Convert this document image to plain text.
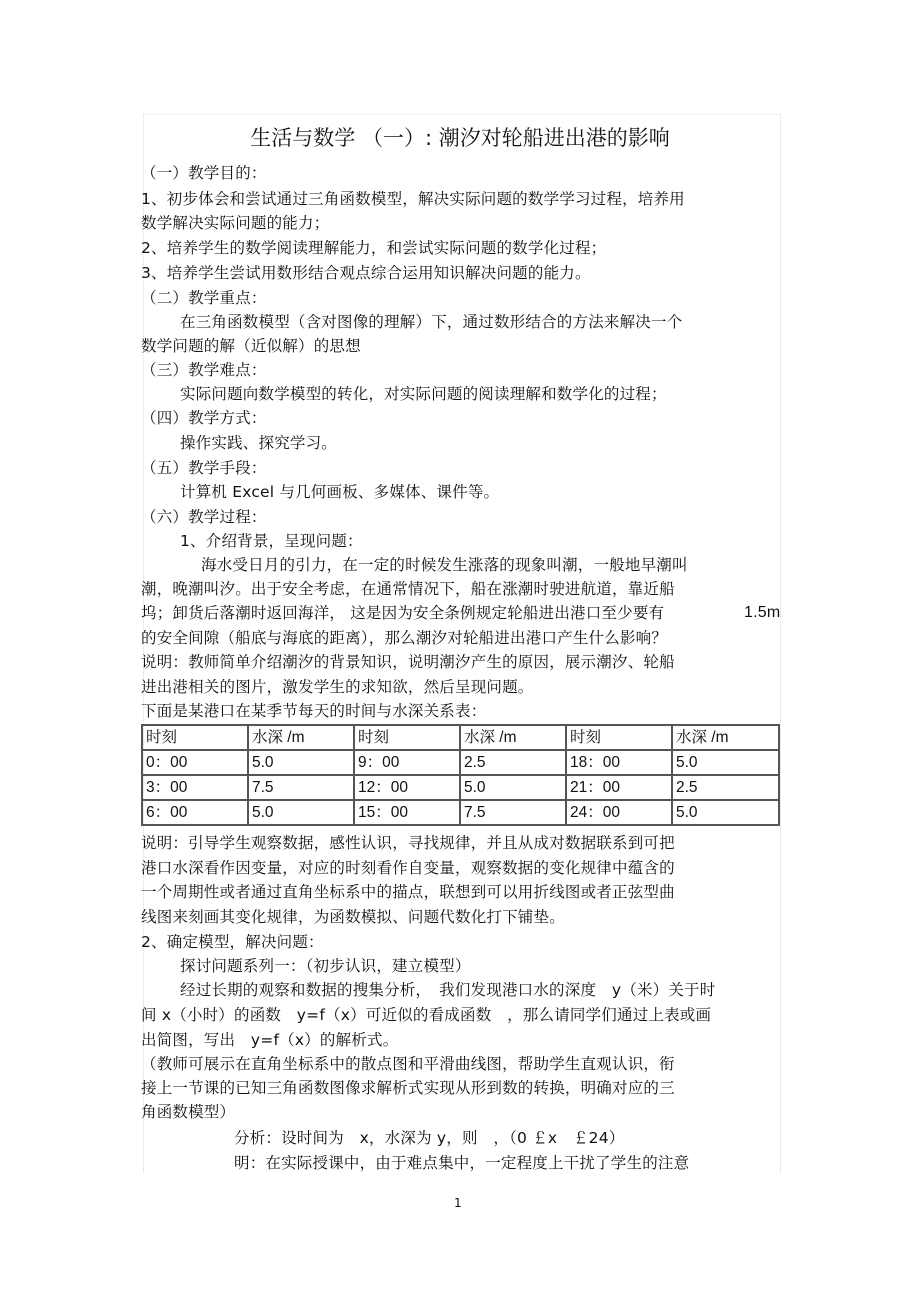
生活与数学 （一）: 潮汐对轮船进出港的影响
（一）教学目的：
1、初步体会和尝试通过三角函数模型，解决实际问题的数学学习过程，培养用
数学解决实际问题的能力；
2、培养学生的数学阅读理解能力，和尝试实际问题的数学化过程；
3、培养学生尝试用数形结合观点综合运用知识解决问题的能力。
（二）教学重点：
在三角函数模型（含对图像的理解）下，通过数形结合的方法来解决一个
数学问题的解（近似解）的思想
（三）教学难点：
实际问题向数学模型的转化，对实际问题的阅读理解和数学化的过程；
（四）教学方式：
操作实践、探究学习。
（五）教学手段：
计算机 Excel 与几何画板、多媒体、课件等。
（六）教学过程：
1、介绍背景，呈现问题：
海水受日月的引力，在一定的时候发生涨落的现象叫潮，一般地早潮叫
潮，晚潮叫汐。出于安全考虑，在通常情况下，船在涨潮时驶进航道，靠近船
坞；卸货后落潮时返回海洋， 这是因为安全条例规定轮船进出港口至少要有	1.5m
的安全间隙（船底与海底的距离），那么潮汐对轮船进出港口产生什么影响？
说明：教师简单介绍潮汐的背景知识，说明潮汐产生的原因，展示潮汐、轮船
进出港相关的图片，激发学生的求知欲，然后呈现问题。
下面是某港口在某季节每天的时间与水深关系表：
时刻	水深 /m	时刻	水深 /m	时刻	水深 /m
0：00	5.0	9：00	2.5	18：00	5.0
3：00	7.5	12：00	5.0	21：00	2.5
6：00	5.0	15：00	7.5	24：00	5.0
说明：引导学生观察数据，感性认识，寻找规律，并且从成对数据联系到可把
港口水深看作因变量，对应的时刻看作自变量，观察数据的变化规律中蕴含的
一个周期性或者通过直角坐标系中的描点，联想到可以用折线图或者正弦型曲
线图来刻画其变化规律，为函数模拟、问题代数化打下铺垫。
2、确定模型，解决问题：
探讨问题系列一：（初步认识，建立模型）
经过长期的观察和数据的搜集分析，　我们发现港口水的深度　y（米）关于时
间 x（小时）的函数　y=f（x）可近似的看成函数　，那么请同学们通过上表或画
出简图，写出　y=f（x）的解析式。
（教师可展示在直角坐标系中的散点图和平滑曲线图，帮助学生直观认识，衔
接上一节课的已知三角函数图像求解析式实现从形到数的转换，明确对应的三
角函数模型）
分析：设时间为　x，水深为 y，则　，（0 ￡x　￡24）
明：在实际授课中，由于难点集中，一定程度上干扰了学生的注意
1
